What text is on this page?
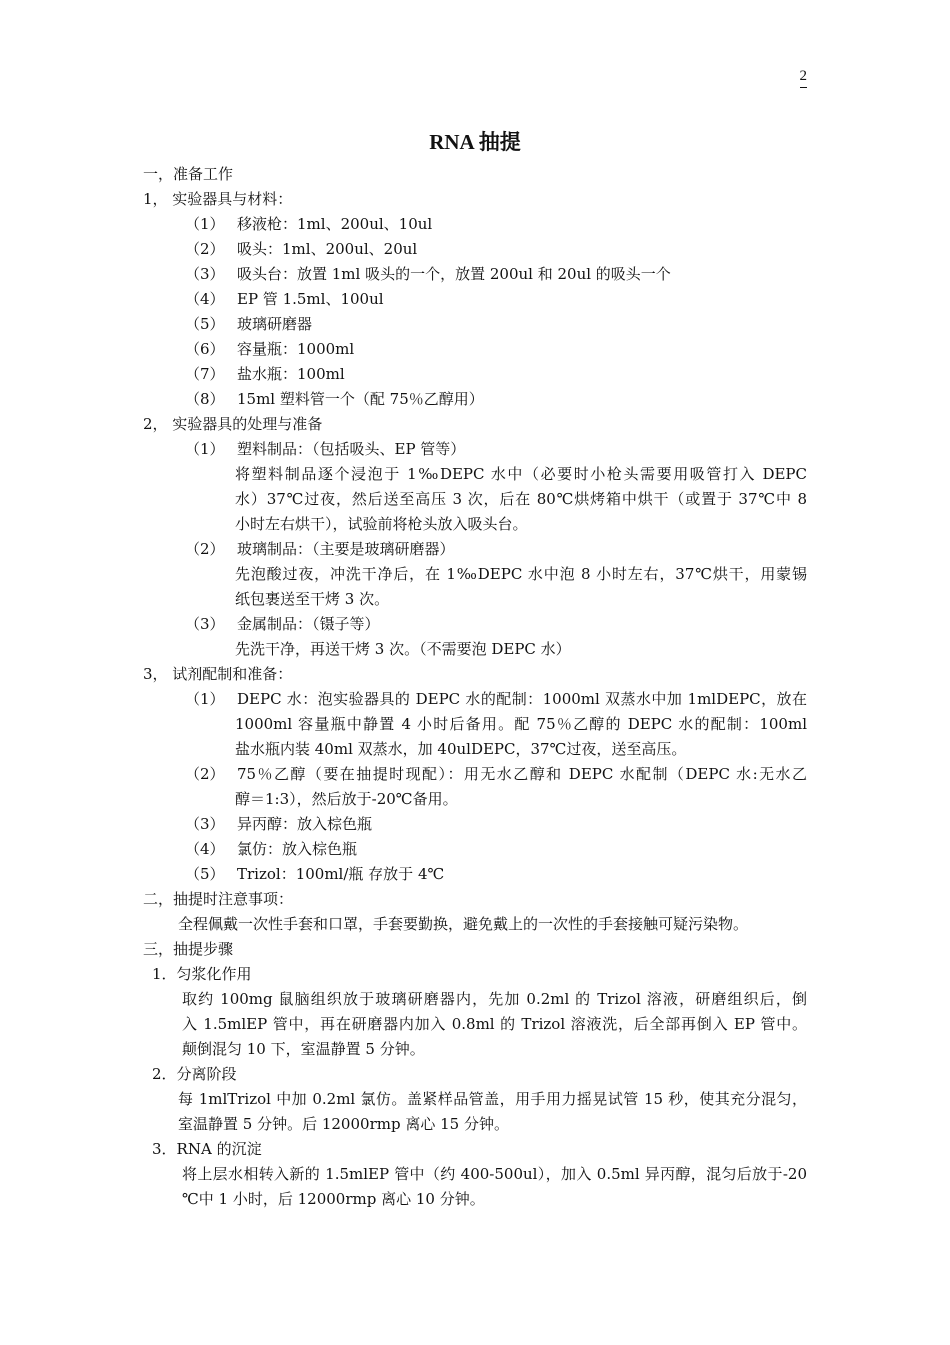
2
RNA 抽提
一，准备工作
1， 实验器具与材料：
（1） 移液枪：1ml、200ul、10ul
（2） 吸头：1ml、200ul、20ul
（3） 吸头台：放置 1ml 吸头的一个，放置 200ul 和 20ul 的吸头一个
（4） EP 管 1.5ml、100ul
（5） 玻璃研磨器
（6） 容量瓶：1000ml
（7） 盐水瓶：100ml
（8） 15ml 塑料管一个（配 75％乙醇用）
2， 实验器具的处理与准备
（1） 塑料制品：（包括吸头、EP 管等）
将塑料制品逐个浸泡于 1‰DEPC 水中（必要时小枪头需要用吸管打入 DEPC
水）37℃过夜，然后送至高压 3 次，后在 80℃烘烤箱中烘干（或置于 37℃中 8
小时左右烘干），试验前将枪头放入吸头台。
（2） 玻璃制品：（主要是玻璃研磨器）
先泡酸过夜，冲洗干净后，在 1‰DEPC 水中泡 8 小时左右，37℃烘干，用蒙锡
纸包裹送至干烤 3 次。
（3） 金属制品：（镊子等）
先洗干净，再送干烤 3 次。（不需要泡 DEPC 水）
3， 试剂配制和准备：
（1） DEPC 水：泡实验器具的 DEPC 水的配制：1000ml 双蒸水中加 1mlDEPC，放在
1000ml 容量瓶中静置 4 小时后备用。配 75％乙醇的 DEPC 水的配制：100ml
盐水瓶内装 40ml 双蒸水，加 40ulDEPC，37℃过夜，送至高压。
（2） 75％乙醇（要在抽提时现配）：用无水乙醇和 DEPC 水配制（DEPC 水:无水乙
醇＝1:3），然后放于-20℃备用。
（3） 异丙醇：放入棕色瓶
（4） 氯仿：放入棕色瓶
（5） Trizol：100ml/瓶 存放于 4℃
二，抽提时注意事项：
全程佩戴一次性手套和口罩，手套要勤换，避免戴上的一次性的手套接触可疑污染物。
三，抽提步骤
1．匀浆化作用
取约 100mg 鼠脑组织放于玻璃研磨器内，先加 0.2ml 的 Trizol 溶液，研磨组织后，倒
入 1.5mlEP 管中，再在研磨器内加入 0.8ml 的 Trizol 溶液洗，后全部再倒入 EP 管中。
颠倒混匀 10 下，室温静置 5 分钟。
2．分离阶段
每 1mlTrizol 中加 0.2ml 氯仿。盖紧样品管盖，用手用力摇晃试管 15 秒，使其充分混匀，
室温静置 5 分钟。后 12000rmp 离心 15 分钟。
3．RNA 的沉淀
将上层水相转入新的 1.5mlEP 管中（约 400-500ul），加入 0.5ml 异丙醇，混匀后放于-20
℃中 1 小时，后 12000rmp 离心 10 分钟。
